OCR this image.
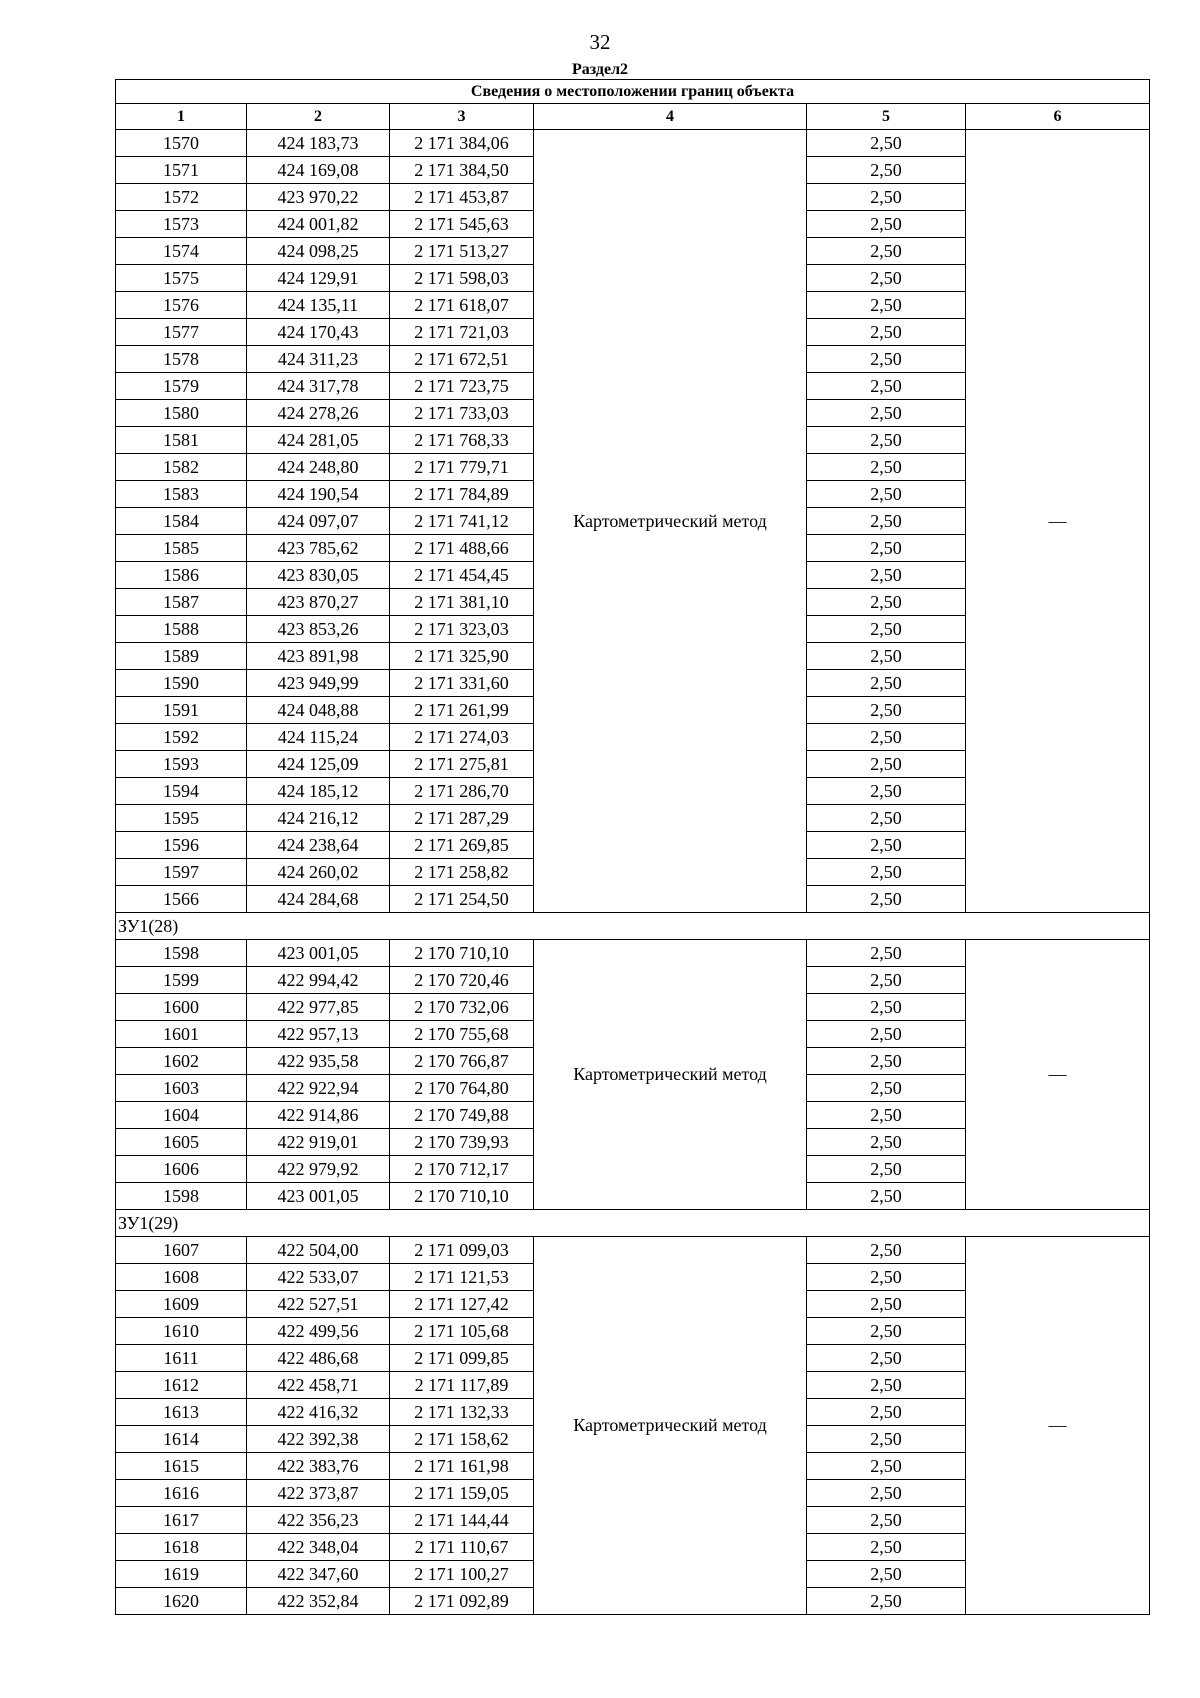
32
Раздел2
Сведения о местоположении границ объекта					
1	2	3	4	5	6
1570	424 183,73	2 171 384,06	Картометрический метод	2,50	—
1571	424 169,08	2 171 384,50		2,50	
1572	423 970,22	2 171 453,87		2,50	
1573	424 001,82	2 171 545,63		2,50	
1574	424 098,25	2 171 513,27		2,50	
1575	424 129,91	2 171 598,03		2,50	
1576	424 135,11	2 171 618,07		2,50	
1577	424 170,43	2 171 721,03		2,50	
1578	424 311,23	2 171 672,51		2,50	
1579	424 317,78	2 171 723,75		2,50	
1580	424 278,26	2 171 733,03		2,50	
1581	424 281,05	2 171 768,33		2,50	
1582	424 248,80	2 171 779,71		2,50	
1583	424 190,54	2 171 784,89		2,50	
1584	424 097,07	2 171 741,12		2,50	
1585	423 785,62	2 171 488,66		2,50	
1586	423 830,05	2 171 454,45		2,50	
1587	423 870,27	2 171 381,10		2,50	
1588	423 853,26	2 171 323,03		2,50	
1589	423 891,98	2 171 325,90		2,50	
1590	423 949,99	2 171 331,60		2,50	
1591	424 048,88	2 171 261,99		2,50	
1592	424 115,24	2 171 274,03		2,50	
1593	424 125,09	2 171 275,81		2,50	
1594	424 185,12	2 171 286,70		2,50	
1595	424 216,12	2 171 287,29		2,50	
1596	424 238,64	2 171 269,85		2,50	
1597	424 260,02	2 171 258,82		2,50	
1566	424 284,68	2 171 254,50		2,50	
ЗУ1(28)					
1598	423 001,05	2 170 710,10	Картометрический метод	2,50	—
1599	422 994,42	2 170 720,46		2,50	
1600	422 977,85	2 170 732,06		2,50	
1601	422 957,13	2 170 755,68		2,50	
1602	422 935,58	2 170 766,87		2,50	
1603	422 922,94	2 170 764,80		2,50	
1604	422 914,86	2 170 749,88		2,50	
1605	422 919,01	2 170 739,93		2,50	
1606	422 979,92	2 170 712,17		2,50	
1598	423 001,05	2 170 710,10		2,50	
ЗУ1(29)					
1607	422 504,00	2 171 099,03	Картометрический метод	2,50	—
1608	422 533,07	2 171 121,53		2,50	
1609	422 527,51	2 171 127,42		2,50	
1610	422 499,56	2 171 105,68		2,50	
1611	422 486,68	2 171 099,85		2,50	
1612	422 458,71	2 171 117,89		2,50	
1613	422 416,32	2 171 132,33		2,50	
1614	422 392,38	2 171 158,62		2,50	
1615	422 383,76	2 171 161,98		2,50	
1616	422 373,87	2 171 159,05		2,50	
1617	422 356,23	2 171 144,44		2,50	
1618	422 348,04	2 171 110,67		2,50	
1619	422 347,60	2 171 100,27		2,50	
1620	422 352,84	2 171 092,89		2,50	
